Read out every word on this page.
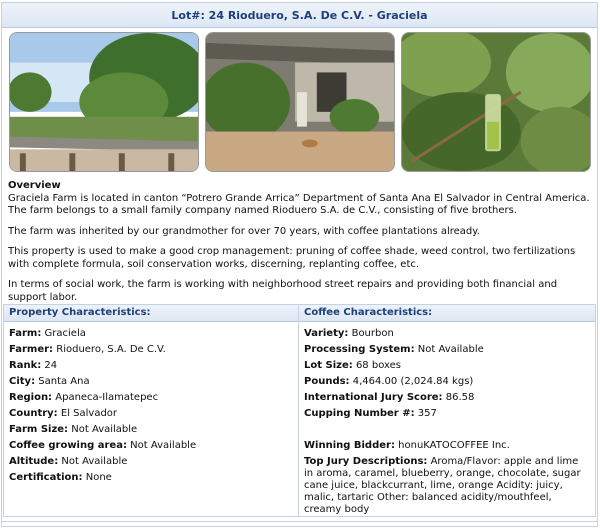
Lot#: 24 Rioduero, S.A. De C.V. - Graciela
Overview

Graciela Farm is located in canton “Potrero Grande Arrica” Department of Santa Ana El Salvador in Central America. The farm belongs to a small family company named Rioduero S.A. de C.V., consisting of five brothers.

The farm was inherited by our grandmother for over 70 years, with coffee plantations already.

This property is used to make a good crop management: pruning of coffee shade, weed control, two fertilizations with complete formula, soil conservation works, discerning, replanting coffee, etc.

In terms of social work, the farm is working with neighborhood street repairs and providing both financial and support labor.

Property Characteristics:
Farm: Graciela
Farmer: Rioduero, S.A. De C.V.
Rank: 24
City: Santa Ana
Region: Apaneca-Ilamatepec
Country: El Salvador
Farm Size: Not Available
Coffee growing area: Not Available
Altitude: Not Available
Certification: None
Coffee Characteristics:
Variety: Bourbon
Processing System: Not Available
Lot Size: 68 boxes
Pounds: 4,464.00 (2,024.84 kgs)
International Jury Score: 86.58
Cupping Number #: 357
Winning Bidder: honuKATOCOFFEE Inc.
Top Jury Descriptions: Aroma/Flavor: apple and lime in aroma, caramel, blueberry, orange, chocolate, sugar cane juice, blackcurrant, lime, orange Acidity: juicy, malic, tartaric Other: balanced acidity/mouthfeel, creamy body
